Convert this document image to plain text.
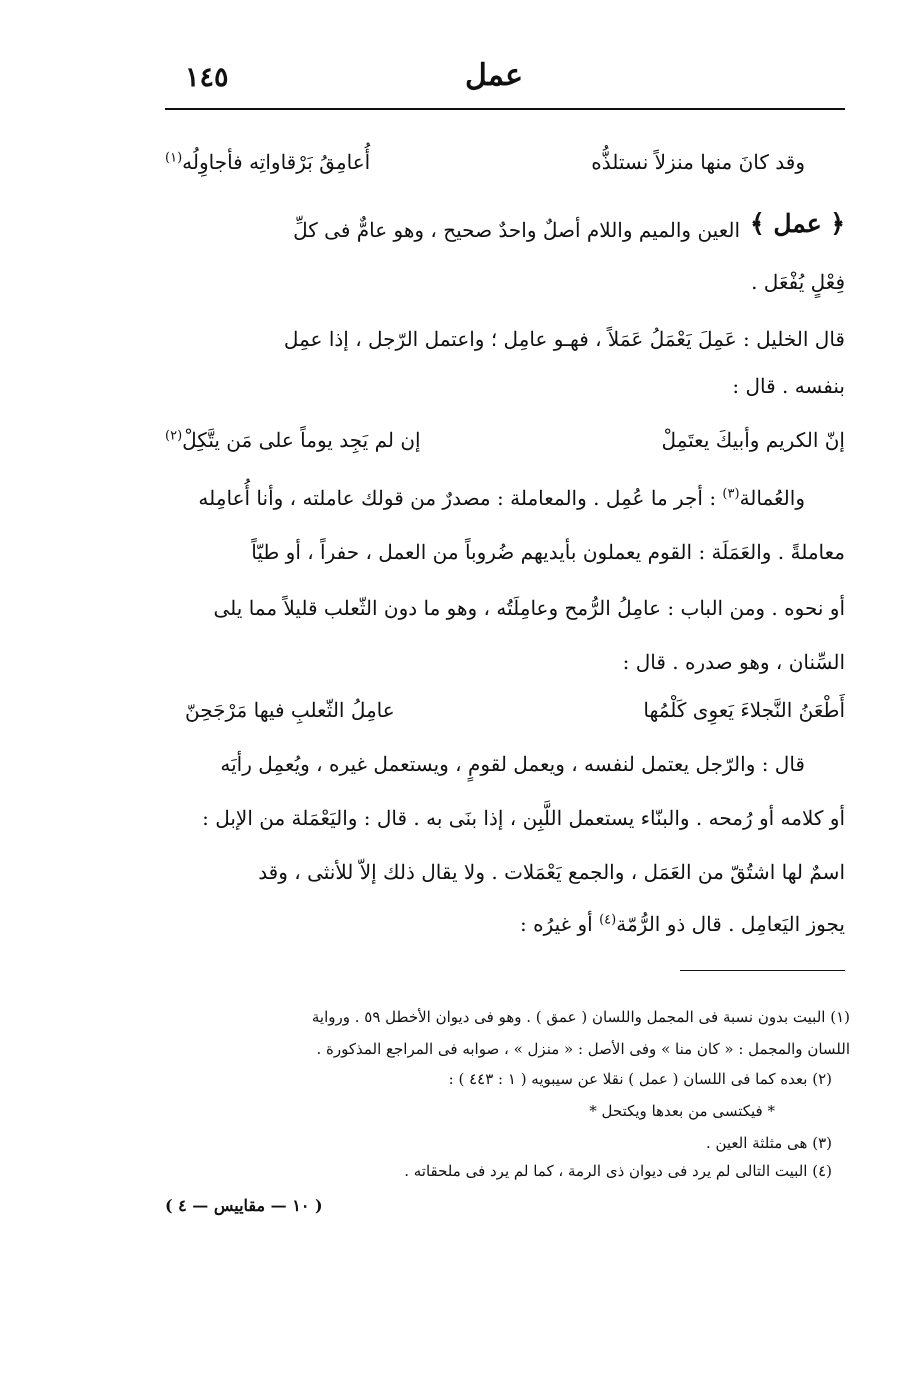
عمل
١٤٥
وقد كانَ منها منزلاً نستلذُّه
أُعامِقُ بَرْقاواتِه فأجاوِلُه$^{(١)}$
﴿ عمل ﴾
العين والميم واللام أصلٌ واحدٌ صحيح ، وهو عامٌّ فى كلِّ
فِعْلٍ يُفْعَل .
قال الخليل : عَمِلَ يَعْمَلُ عَمَلاً ، فهـو عامِل ؛ واعتمل الرّجل ، إذا عمِل
بنفسه . قال :
إنّ الكريم وأبيكَ يعتَمِلْ
إن لم يَجِد يوماً على مَن يتَّكِلْ$^{(٢)}$
والعُمالة$^{(٣)}$ : أجر ما عُمِل . والمعاملة : مصدرٌ من قولك عاملته ، وأنا أُعامِله
معاملةً . والعَمَلَة : القوم يعملون بأيديهم ضُروباً من العمل ، حفراً ، أو طيّاً
أو نحوه . ومن الباب : عامِلُ الرُّمح وعامِلَتُه ، وهو ما دون الثّعلب قليلاً مما يلى
السِّنان ، وهو صدره . قال :
أَطْعَنُ النَّجلاءَ يَعوِى كَلْمُها
عامِلُ الثّعلبِ فيها مَرْجَحِنّ
قال : والرّجل يعتمل لنفسه ، ويعمل لقومٍ ، ويستعمل غيره ، ويُعمِل رأيَه
أو كلامه أو رُمحه . والبنّاء يستعمل اللَّبِن ، إذا بنَى به . قال : واليَعْمَلة من الإبل :
اسمٌ لها اشتُقّ من العَمَل ، والجمع يَعْمَلات . ولا يقال ذلك إلاّ للأنثى ، وقد
يجوز اليَعامِل . قال ذو الرُّمّة$^{(٤)}$ أو غيرُه :
(١) البيت بدون نسبة فى المجمل واللسان ( عمق ) . وهو فى ديوان الأخطل ٥٩ . ورواية
اللسان والمجمل : « كان منا » وفى الأصل : « منزل » ، صوابه فى المراجع المذكورة .
(٢) بعده كما فى اللسان ( عمل ) نقلا عن سيبويه ( ١ : ٤٤٣ ) :
* فيكتسى من بعدها ويكتحل *
(٣) هى مثلثة العين .
(٤) البيت التالى لم يرد فى ديوان ذى الرمة ، كما لم يرد فى ملحقاته .
( ١٠ — مقاييس — ٤ )
